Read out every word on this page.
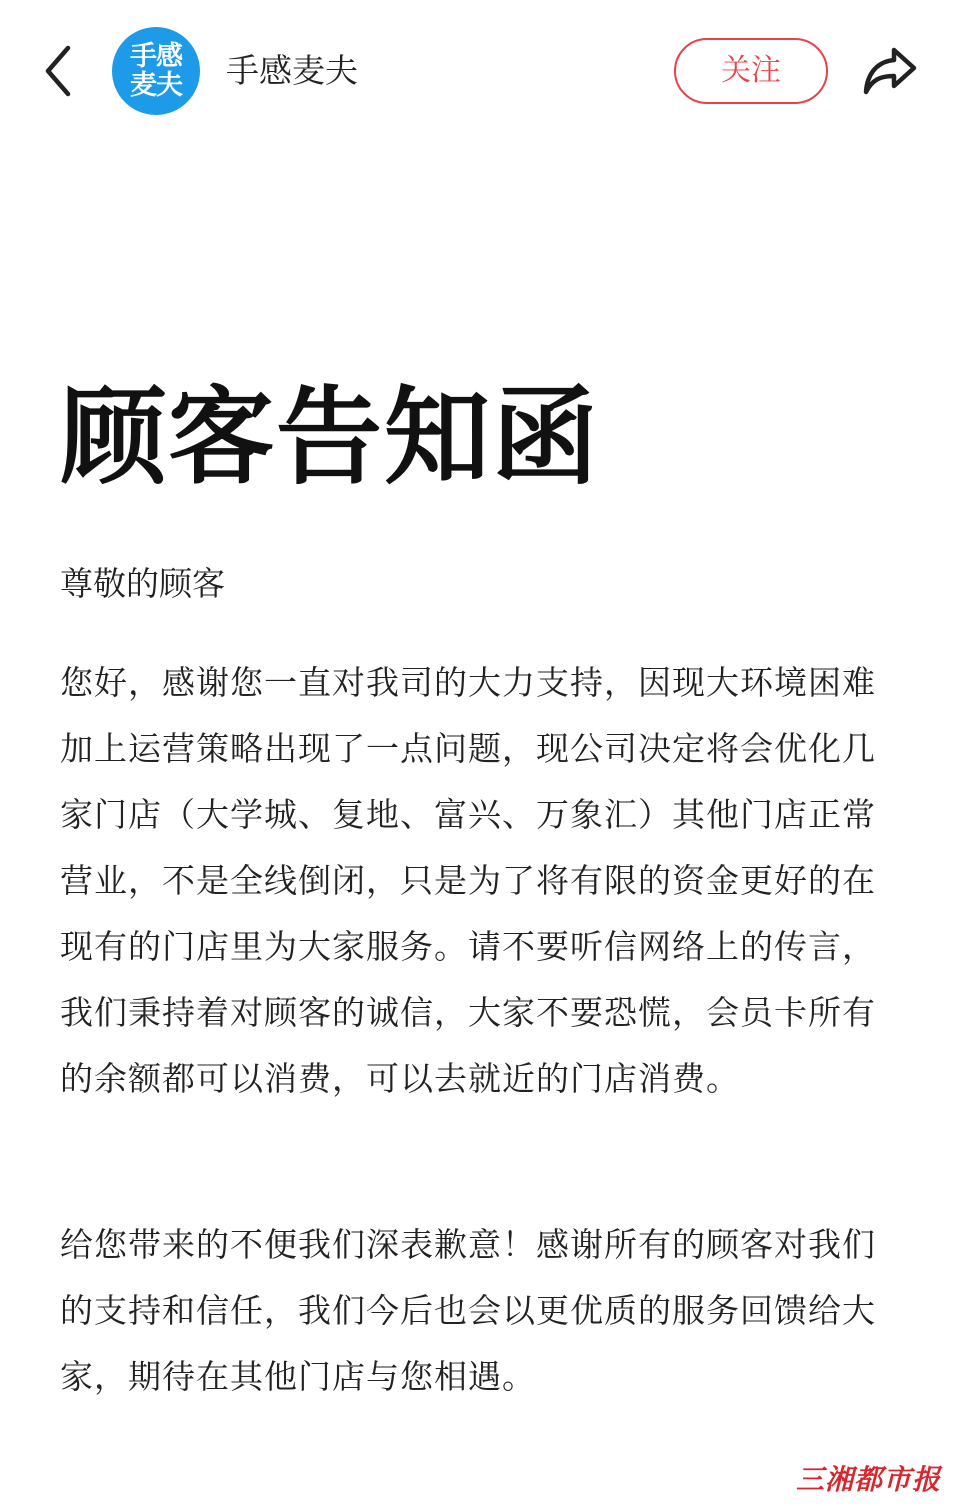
手感
麦夫 手感麦夫	关注
顾客告知函
尊敬的顾客

您好，感谢您一直对我司的大力支持，因现大环境困难加上运营策略出现了一点问题，现公司决定将会优化几家门店（大学城、复地、富兴、万象汇）其他门店正常营业，不是全线倒闭，只是为了将有限的资金更好的在现有的门店里为大家服务。请不要听信网络上的传言，我们秉持着对顾客的诚信，大家不要恐慌，会员卡所有的余额都可以消费，可以去就近的门店消费。

给您带来的不便我们深表歉意！感谢所有的顾客对我们的支持和信任，我们今后也会以更优质的服务回馈给大家，期待在其他门店与您相遇。

三湘都市报
